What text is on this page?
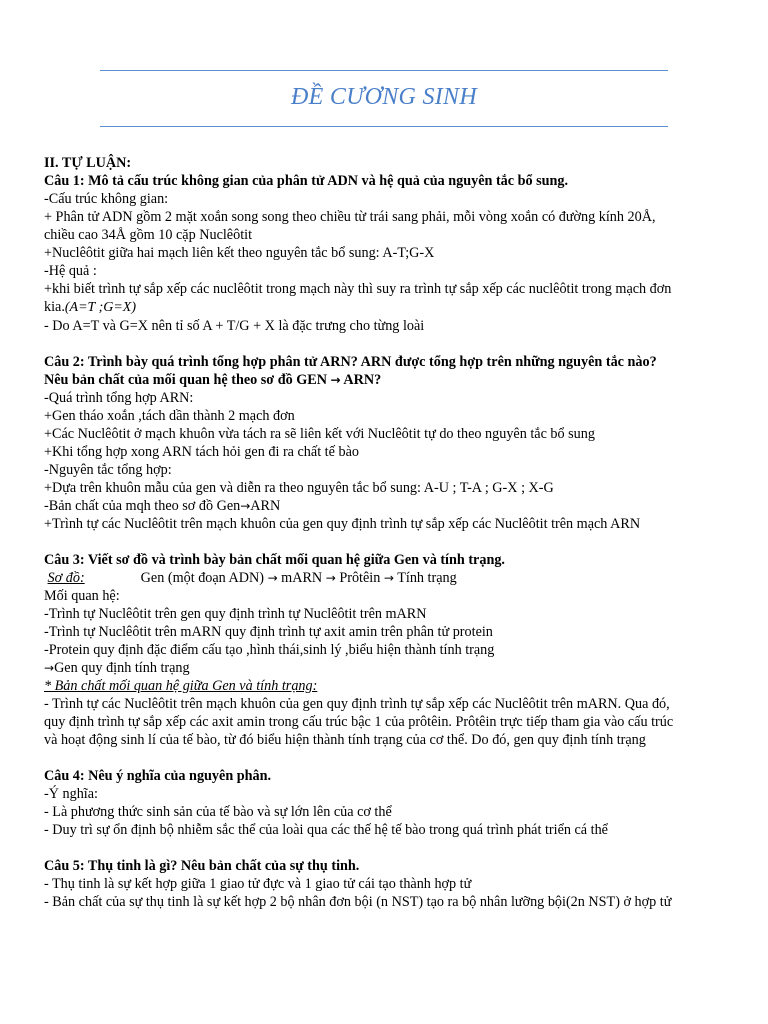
ĐỀ CƯƠNG SINH

II. TỰ LUẬN:

Câu 1: Mô tả cấu trúc không gian của phân tử ADN và hệ quả của nguyên tắc bổ sung.

-Cấu trúc không gian:

+ Phân tử ADN gồm 2 mặt xoắn song song theo chiều từ trái sang phải, mỗi vòng xoắn có đường kính 20Å,

chiều cao 34Å gồm 10 cặp Nuclêôtit

+Nuclêôtit giữa hai mạch liên kết theo nguyên tắc bổ sung: A-T;G-X

-Hệ quả :

+khi biết trình tự sắp xếp các nuclêôtit trong mạch này thì suy ra trình tự sắp xếp các nuclêôtit trong mạch đơn

kia.(A=T ;G=X)

- Do A=T và G=X nên tỉ số A + T/G + X là đặc trưng cho từng loài

Câu 2: Trình bày quá trình tổng hợp phân tử ARN? ARN được tổng hợp trên những nguyên tắc nào?

Nêu bản chất của mối quan hệ theo sơ đồ GEN → ARN?

-Quá trình tổng hợp ARN:

+Gen tháo xoắn ,tách dần thành 2 mạch đơn

+Các Nuclêôtit ở mạch khuôn vừa tách ra sẽ liên kết với Nuclêôtit tự do theo nguyên tắc bổ sung

+Khi tổng hợp xong ARN tách hỏi gen đi ra chất tế bào

-Nguyên tắc tổng hợp:

+Dựa trên khuôn mẫu của gen và diễn ra theo nguyên tắc bổ sung: A-U ; T-A ; G-X ; X-G

-Bản chất của mqh theo sơ đồ Gen→ARN

+Trình tự các Nuclêôtit trên mạch khuôn của gen quy định trình tự sắp xếp các Nuclêôtit trên mạch ARN

Câu 3: Viết sơ đồ và trình bày bản chất mối quan hệ giữa Gen và tính trạng.

Sơ đồ:	Gen (một đoạn ADN) → mARN → Prôtêin → Tính trạng

Mối quan hệ:

-Trình tự Nuclêôtit trên gen quy định trình tự Nuclêôtit trên mARN

-Trình tự Nuclêôtit trên mARN quy định trình tự axit amin trên phân tử protein

-Protein quy định đặc điểm cấu tạo ,hình thái,sinh lý ,biểu hiện thành tính trạng

→Gen quy định tính trạng

* Bản chất mối quan hệ giữa Gen và tính trạng:

- Trình tự các Nuclêôtit trên mạch khuôn của gen quy định trình tự sắp xếp các Nuclêôtit trên mARN. Qua đó,

quy định trình tự sắp xếp các axit amin trong cấu trúc bậc 1 của prôtêin. Prôtêin trực tiếp tham gia vào cấu trúc

và hoạt động sinh lí của tế bào, từ đó biểu hiện thành tính trạng của cơ thể. Do đó, gen quy định tính trạng

Câu 4: Nêu ý nghĩa của nguyên phân.

-Ý nghĩa:

- Là phương thức sinh sản của tế bào và sự lớn lên của cơ thể

- Duy trì sự ổn định bộ nhiễm sắc thể của loài qua các thế hệ tế bào trong quá trình phát triển cá thể

Câu 5: Thụ tinh là gì? Nêu bản chất của sự thụ tinh.

- Thụ tinh là sự kết hợp giữa 1 giao tử đực và 1 giao tử cái tạo thành hợp tử

- Bản chất của sự thụ tinh là sự kết hợp 2 bộ nhân đơn bội (n NST) tạo ra bộ nhân lưỡng bội(2n NST) ở hợp tử
